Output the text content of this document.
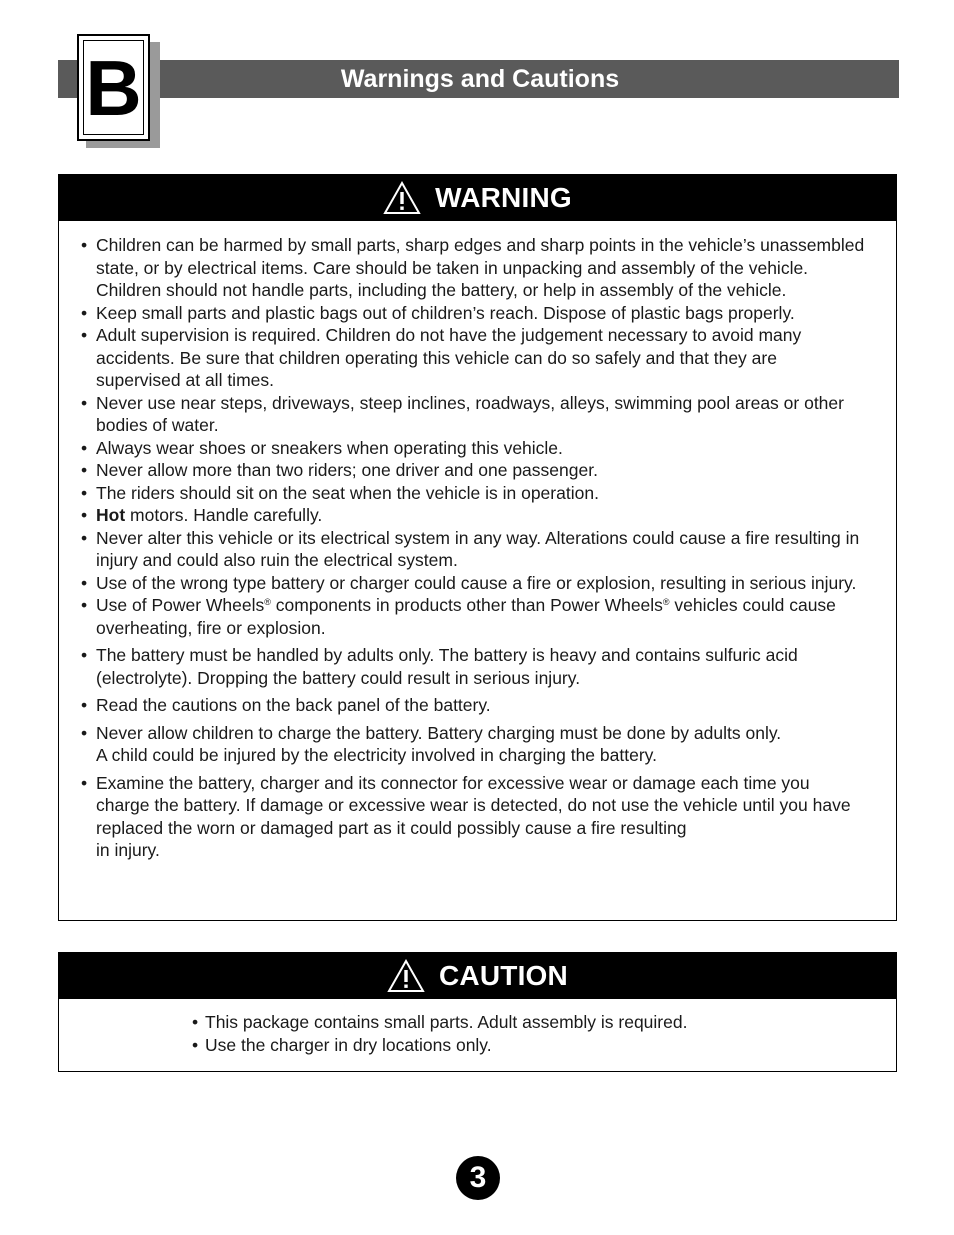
Warnings and Cautions
B
WARNING
• Children can be harmed by small parts, sharp edges and sharp points in the vehicle’s unassembled state, or by electrical items. Care should be taken in unpacking and assembly of the vehicle. Children should not handle parts, including the battery, or help in assembly of the vehicle.
• Keep small parts and plastic bags out of children’s reach. Dispose of plastic bags properly.
• Adult supervision is required. Children do not have the judgement necessary to avoid many accidents. Be sure that children operating this vehicle can do so safely and that they are supervised at all times.
• Never use near steps, driveways, steep inclines, roadways, alleys, swimming pool areas or other bodies of water.
• Always wear shoes or sneakers when operating this vehicle.
• Never allow more than two riders; one driver and one passenger.
• The riders should sit on the seat when the vehicle is in operation.
• Hot motors. Handle carefully.
• Never alter this vehicle or its electrical system in any way. Alterations could cause a fire resulting in injury and could also ruin the electrical system.
• Use of the wrong type battery or charger could cause a fire or explosion, resulting in serious injury.
• Use of Power Wheels® components in products other than Power Wheels® vehicles could cause overheating, fire or explosion.
• The battery must be handled by adults only. The battery is heavy and contains sulfuric acid (electrolyte). Dropping the battery could result in serious injury.
• Read the cautions on the back panel of the battery.
• Never allow children to charge the battery. Battery charging must be done by adults only.
A child could be injured by the electricity involved in charging the battery.
• Examine the battery, charger and its connector for excessive wear or damage each time you charge the battery. If damage or excessive wear is detected, do not use the vehicle until you have replaced the worn or damaged part as it could possibly cause a fire resulting
in injury.
CAUTION
• This package contains small parts. Adult assembly is required.
• Use the charger in dry locations only.
3
